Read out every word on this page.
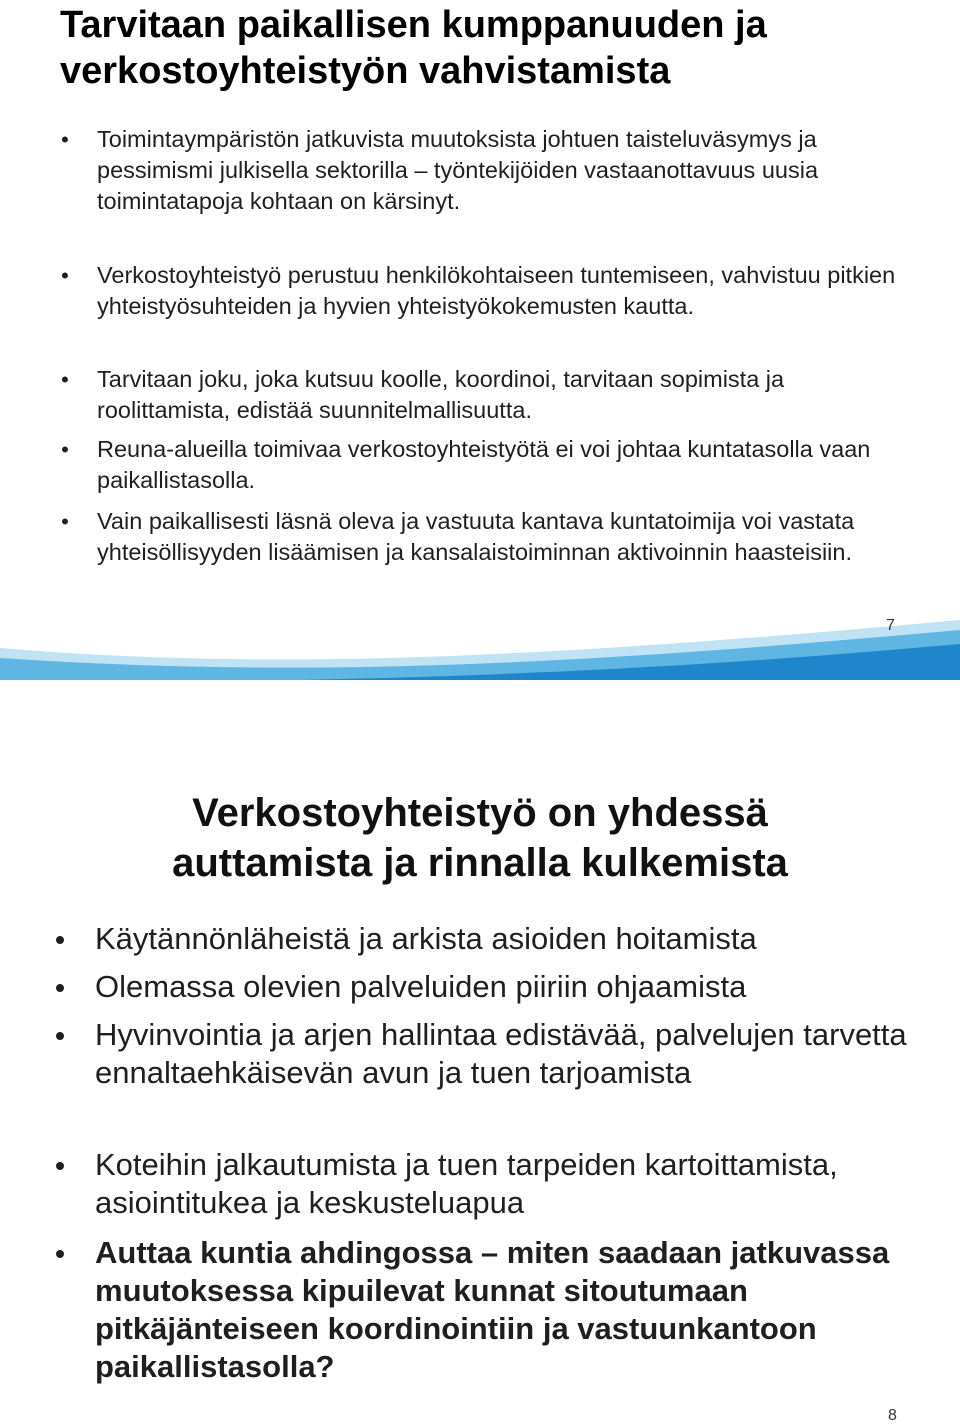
Tarvitaan paikallisen kumppanuuden ja verkostoyhteistyön vahvistamista
• Toimintaympäristön jatkuvista muutoksista johtuen taisteluväsymys ja pessimismi julkisella sektorilla – työntekijöiden vastaanottavuus uusia toimintatapoja kohtaan on kärsinyt.
• Verkostoyhteistyö perustuu henkilökohtaiseen tuntemiseen, vahvistuu pitkien yhteistyösuhteiden ja hyvien yhteistyökokemusten kautta.
• Tarvitaan joku, joka kutsuu koolle, koordinoi, tarvitaan sopimista ja roolittamista, edistää suunnitelmallisuutta.
• Reuna-alueilla toimivaa verkostoyhteistyötä ei voi johtaa kuntatasolla vaan paikallistasolla.
• Vain paikallisesti läsnä oleva ja vastuuta kantava kuntatoimija voi vastata yhteisöllisyyden lisäämisen ja kansalaistoiminnan aktivoinnin haasteisiin.
7
Verkostoyhteistyö on yhdessä auttamista ja rinnalla kulkemista
Käytännönläheistä ja arkista asioiden hoitamista
Olemassa olevien palveluiden piiriin ohjaamista
Hyvinvointia ja arjen hallintaa edistävää, palvelujen tarvetta ennaltaehkäisevän avun ja tuen tarjoamista
Koteihin jalkautumista ja tuen tarpeiden kartoittamista, asiointitukea ja keskusteluapua
Auttaa kuntia ahdingossa – miten saadaan jatkuvassa muutoksessa kipuilevat kunnat sitoutumaan pitkäjänteiseen koordinointiin ja vastuunkantoon paikallistasolla?
8
